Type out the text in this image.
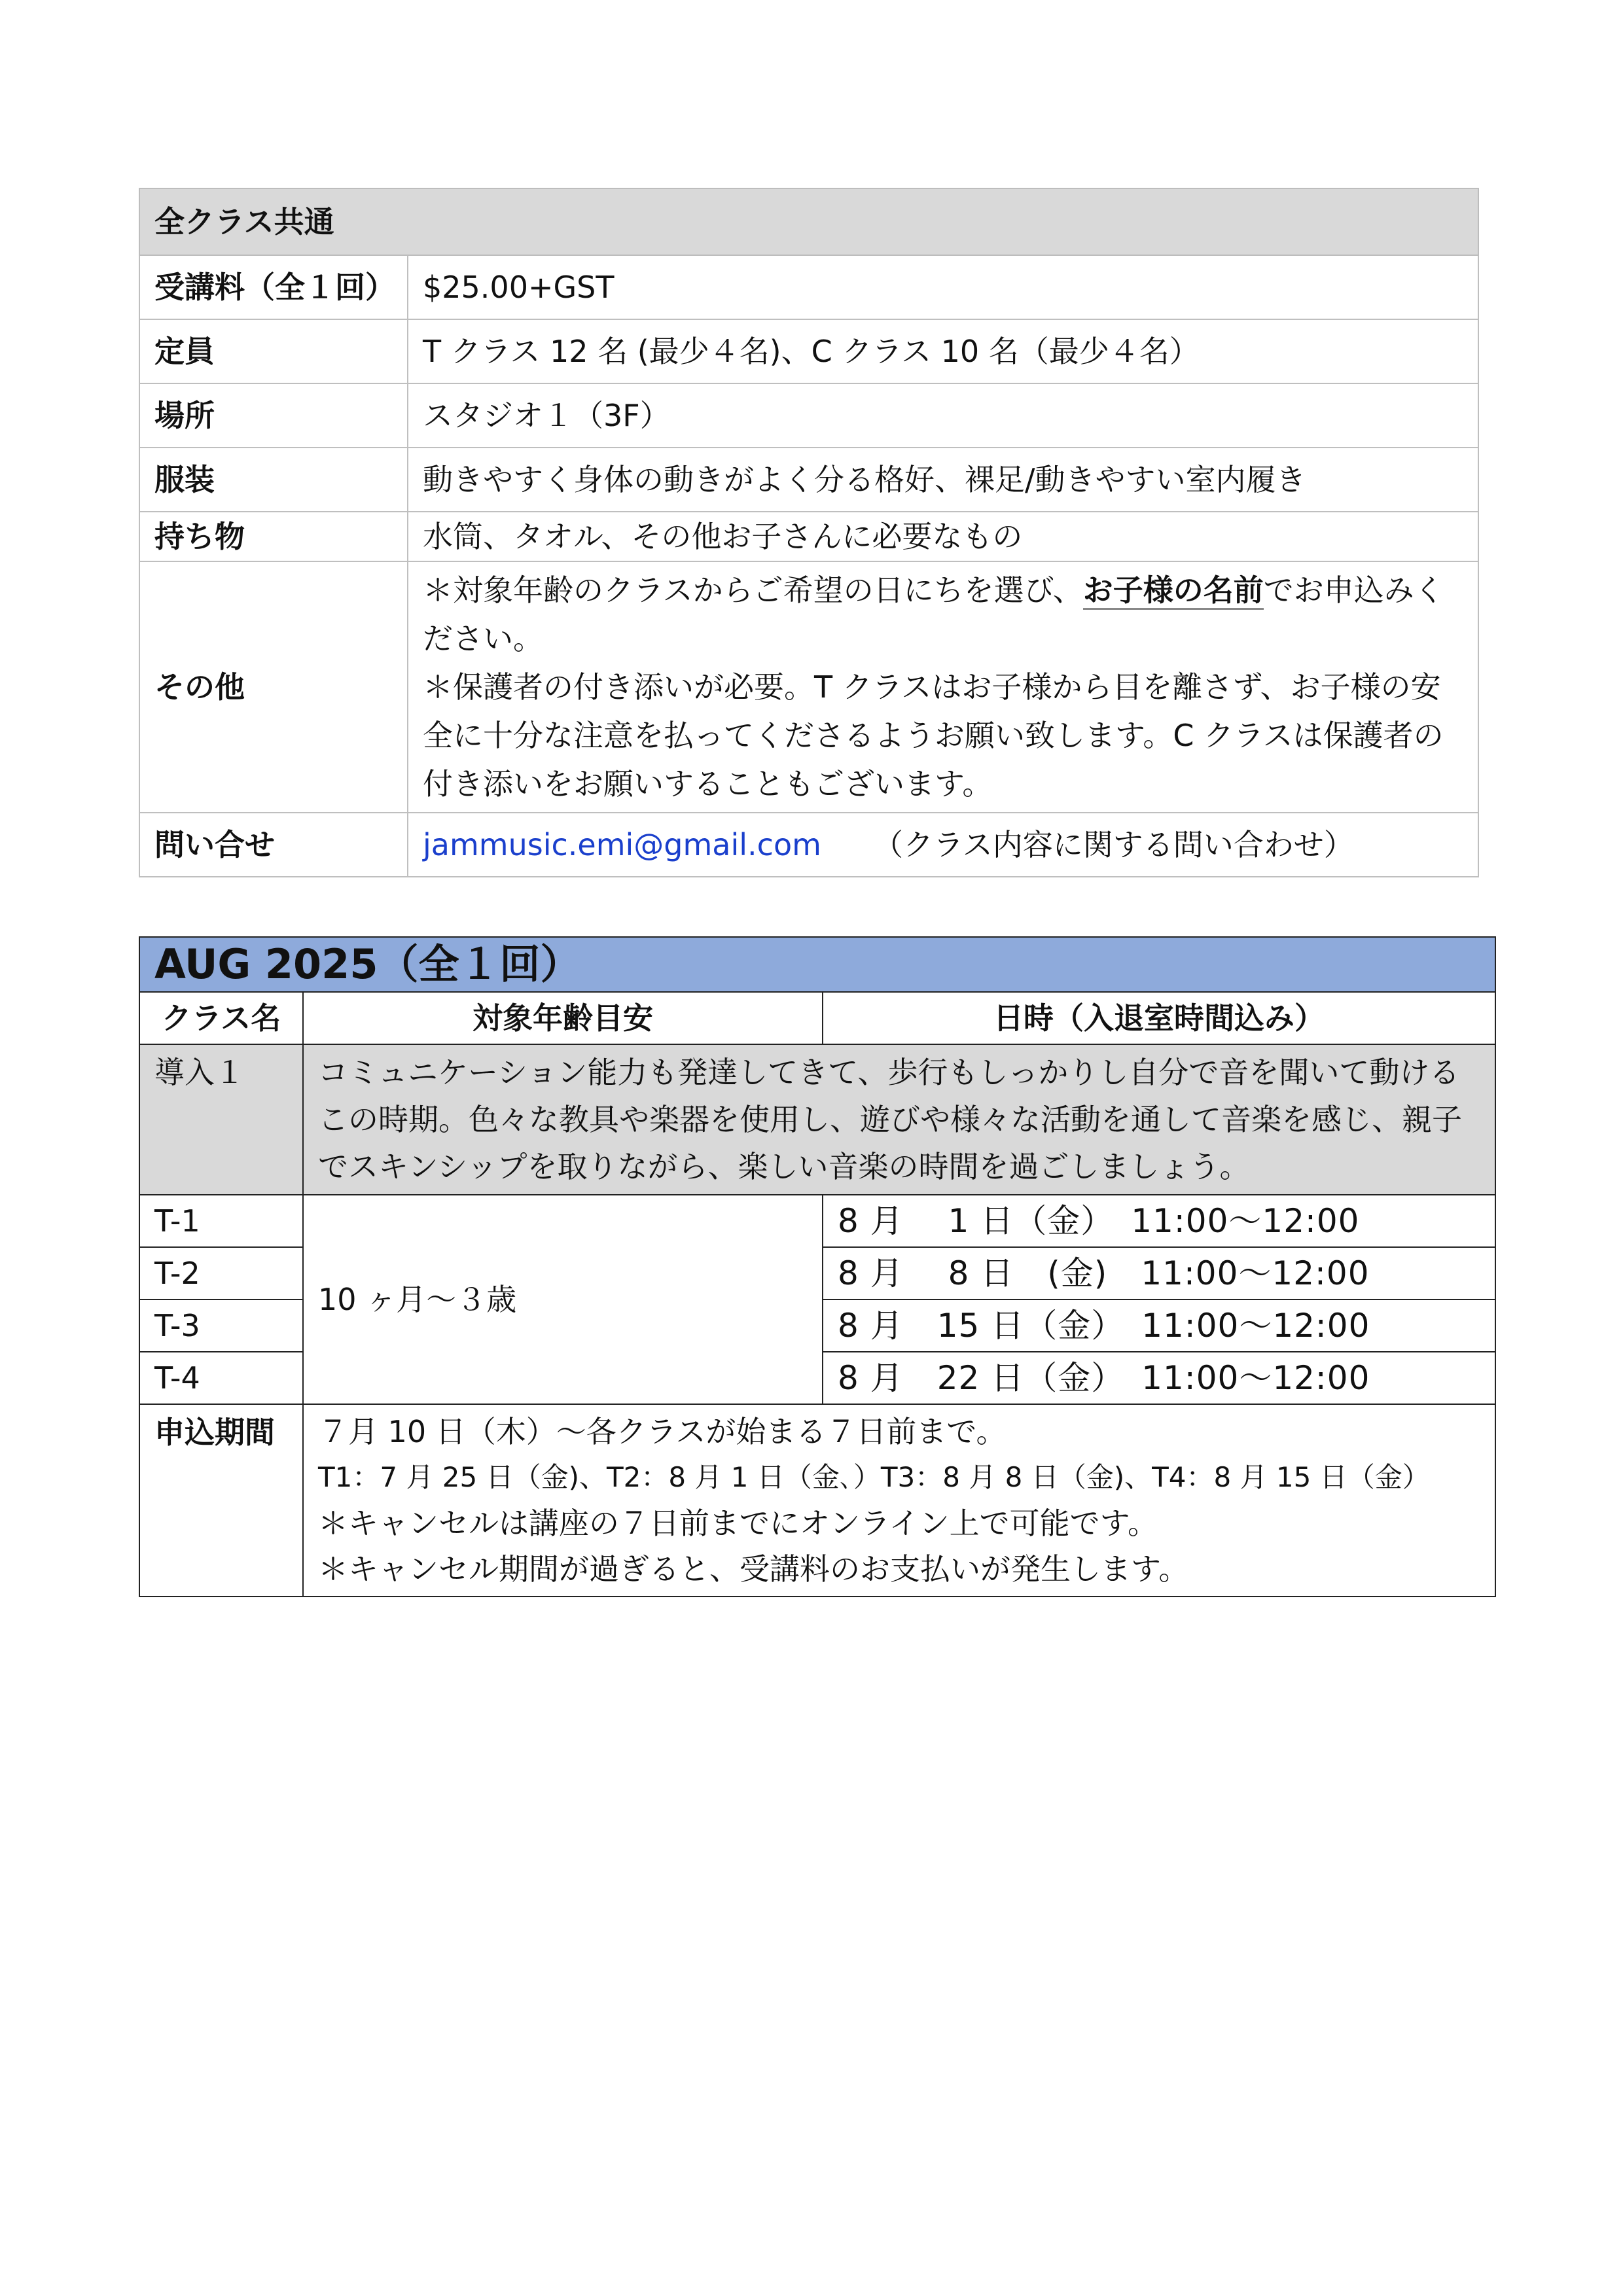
全クラス共通	
受講料（全１回）	$25.00+GST
定員	T クラス 12 名 (最少４名)、C クラス 10 名（最少４名）
場所	スタジオ１（3F）
服装	動きやすく身体の動きがよく分る格好、裸足/動きやすい室内履き
持ち物	水筒、タオル、その他お子さんに必要なもの
その他	＊対象年齢のクラスからご希望の日にちを選び、お子様の名前でお申込みください。
＊保護者の付き添いが必要。T クラスはお子様から目を離さず、お子様の安全に十分な注意を払ってくださるようお願い致します。C クラスは保護者の付き添いをお願いすることもございます。
問い合せ	jammusic.emi@gmail.com （クラス内容に関する問い合わせ）
AUG 2025（全１回）		
クラス名	対象年齢目安	日時（入退室時間込み）
導入１	コミュニケーション能力も発達してきて、歩行もしっかりし自分で音を聞いて動けるこの時期。色々な教具や楽器を使用し、遊びや様々な活動を通して音楽を感じ、親子でスキンシップを取りながら、楽しい音楽の時間を過ごしましょう。	
T-1	10 ヶ月〜３歳	8 月　 1 日（金）　11:00〜12:00
T-2		8 月　 8 日　(金)　11:00〜12:00
T-3		8 月　15 日（金）　11:00〜12:00
T-4		8 月　22 日（金）　11:00〜12:00
申込期間	７月 10 日（木）〜各クラスが始まる７日前まで。
T1：7 月 25 日（金)、T2：8 月 1 日（金､）T3：8 月 8 日（金)、T4：8 月 15 日（金）
＊キャンセルは講座の７日前までにオンライン上で可能です。
＊キャンセル期間が過ぎると、受講料のお支払いが発生します。	
